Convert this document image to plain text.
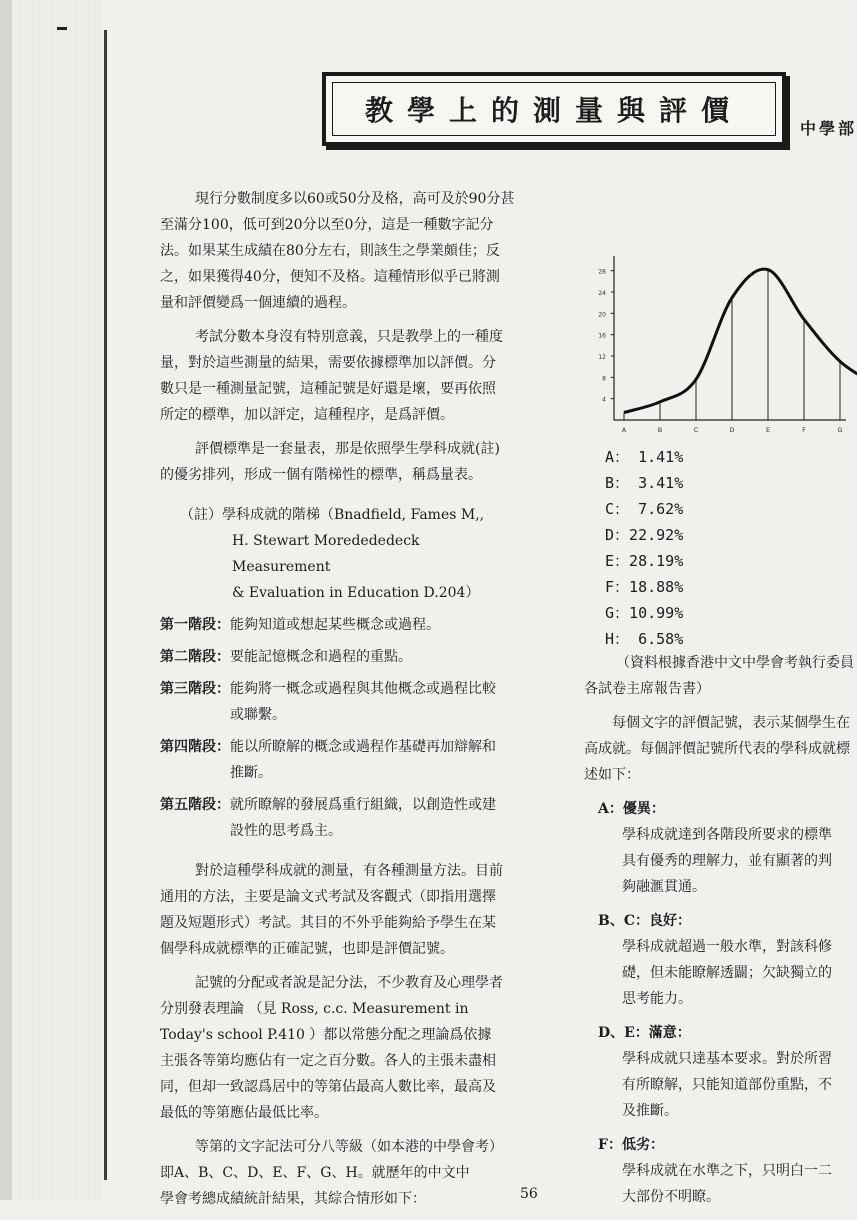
教學上的測量與評價
中學部

現行分數制度多以60或50分及格，高可及於90分甚

至滿分100，低可到20分以至0分，這是一種數字記分

法。如果某生成績在80分左右，則該生之學業頗佳；反

之，如果獲得40分，便知不及格。這種情形似乎已將測

量和評價變爲一個連續的過程。

考試分數本身沒有特別意義，只是教學上的一種度

量，對於這些測量的結果，需要依據標準加以評價。分

數只是一種測量記號，這種記號是好還是壞，要再依照

所定的標準，加以評定，這種程序，是爲評價。

評價標準是一套量表，那是依照學生學科成就(註)

的優劣排列，形成一個有階梯性的標準，稱爲量表。

（註）學科成就的階梯（Bnadfield, Fames M,,

H. Stewart Moredededeck Measurement

& Evaluation in Education D.204）

第一階段： 能夠知道或想起某些概念或過程。

第二階段： 要能記憶概念和過程的重點。

第三階段： 能夠將一概念或過程與其他概念或過程比較

或聯繫。

第四階段： 能以所瞭解的概念或過程作基礎再加辯解和

推斷。

第五階段： 就所瞭解的發展爲重行組織，以創造性或建

設性的思考爲主。

對於這種學科成就的測量，有各種測量方法。目前

通用的方法，主要是論文式考試及客觀式（即指用選擇

題及短題形式）考試。其目的不外乎能夠給予學生在某

個學科成就標準的正確記號，也即是評價記號。

記號的分配或者說是記分法，不少教育及心理學者

分別發表理論 （見 Ross, c.c. Measurement in

Today's school P.410 ）都以常態分配之理論爲依據

主張各等第均應佔有一定之百分數。各人的主張未盡相

同，但却一致認爲居中的等第佔最高人數比率，最高及

最低的等第應佔最低比率。

等第的文字記法可分八等級（如本港的中學會考）

即A、B、C、D、E、F、G、H。就歷年的中文中

學會考總成績統計結果，其綜合情形如下：

4
8
12
16
20
24
28
A	B	C	D	E	F	G
A： 1.41%
B： 3.41%
C： 7.62%
D：22.92%
E：28.19%
F：18.88%
G：10.99%
H： 6.58%

（資料根據香港中文中學會考執行委員

各試卷主席報告書）

每個文字的評價記號，表示某個學生在

高成就。每個評價記號所代表的學科成就標

述如下：

A：優異：

學科成就達到各階段所要求的標準

具有優秀的理解力，並有顯著的判

夠融滙貫通。

B、C：良好：

學科成就超過一般水準，對該科修

礎，但未能瞭解透闢；欠缺獨立的

思考能力。

D、E：滿意：

學科成就只達基本要求。對於所習

有所瞭解，只能知道部份重點，不

及推斷。

F：低劣：

學科成就在水準之下，只明白一二

大部份不明瞭。

56
